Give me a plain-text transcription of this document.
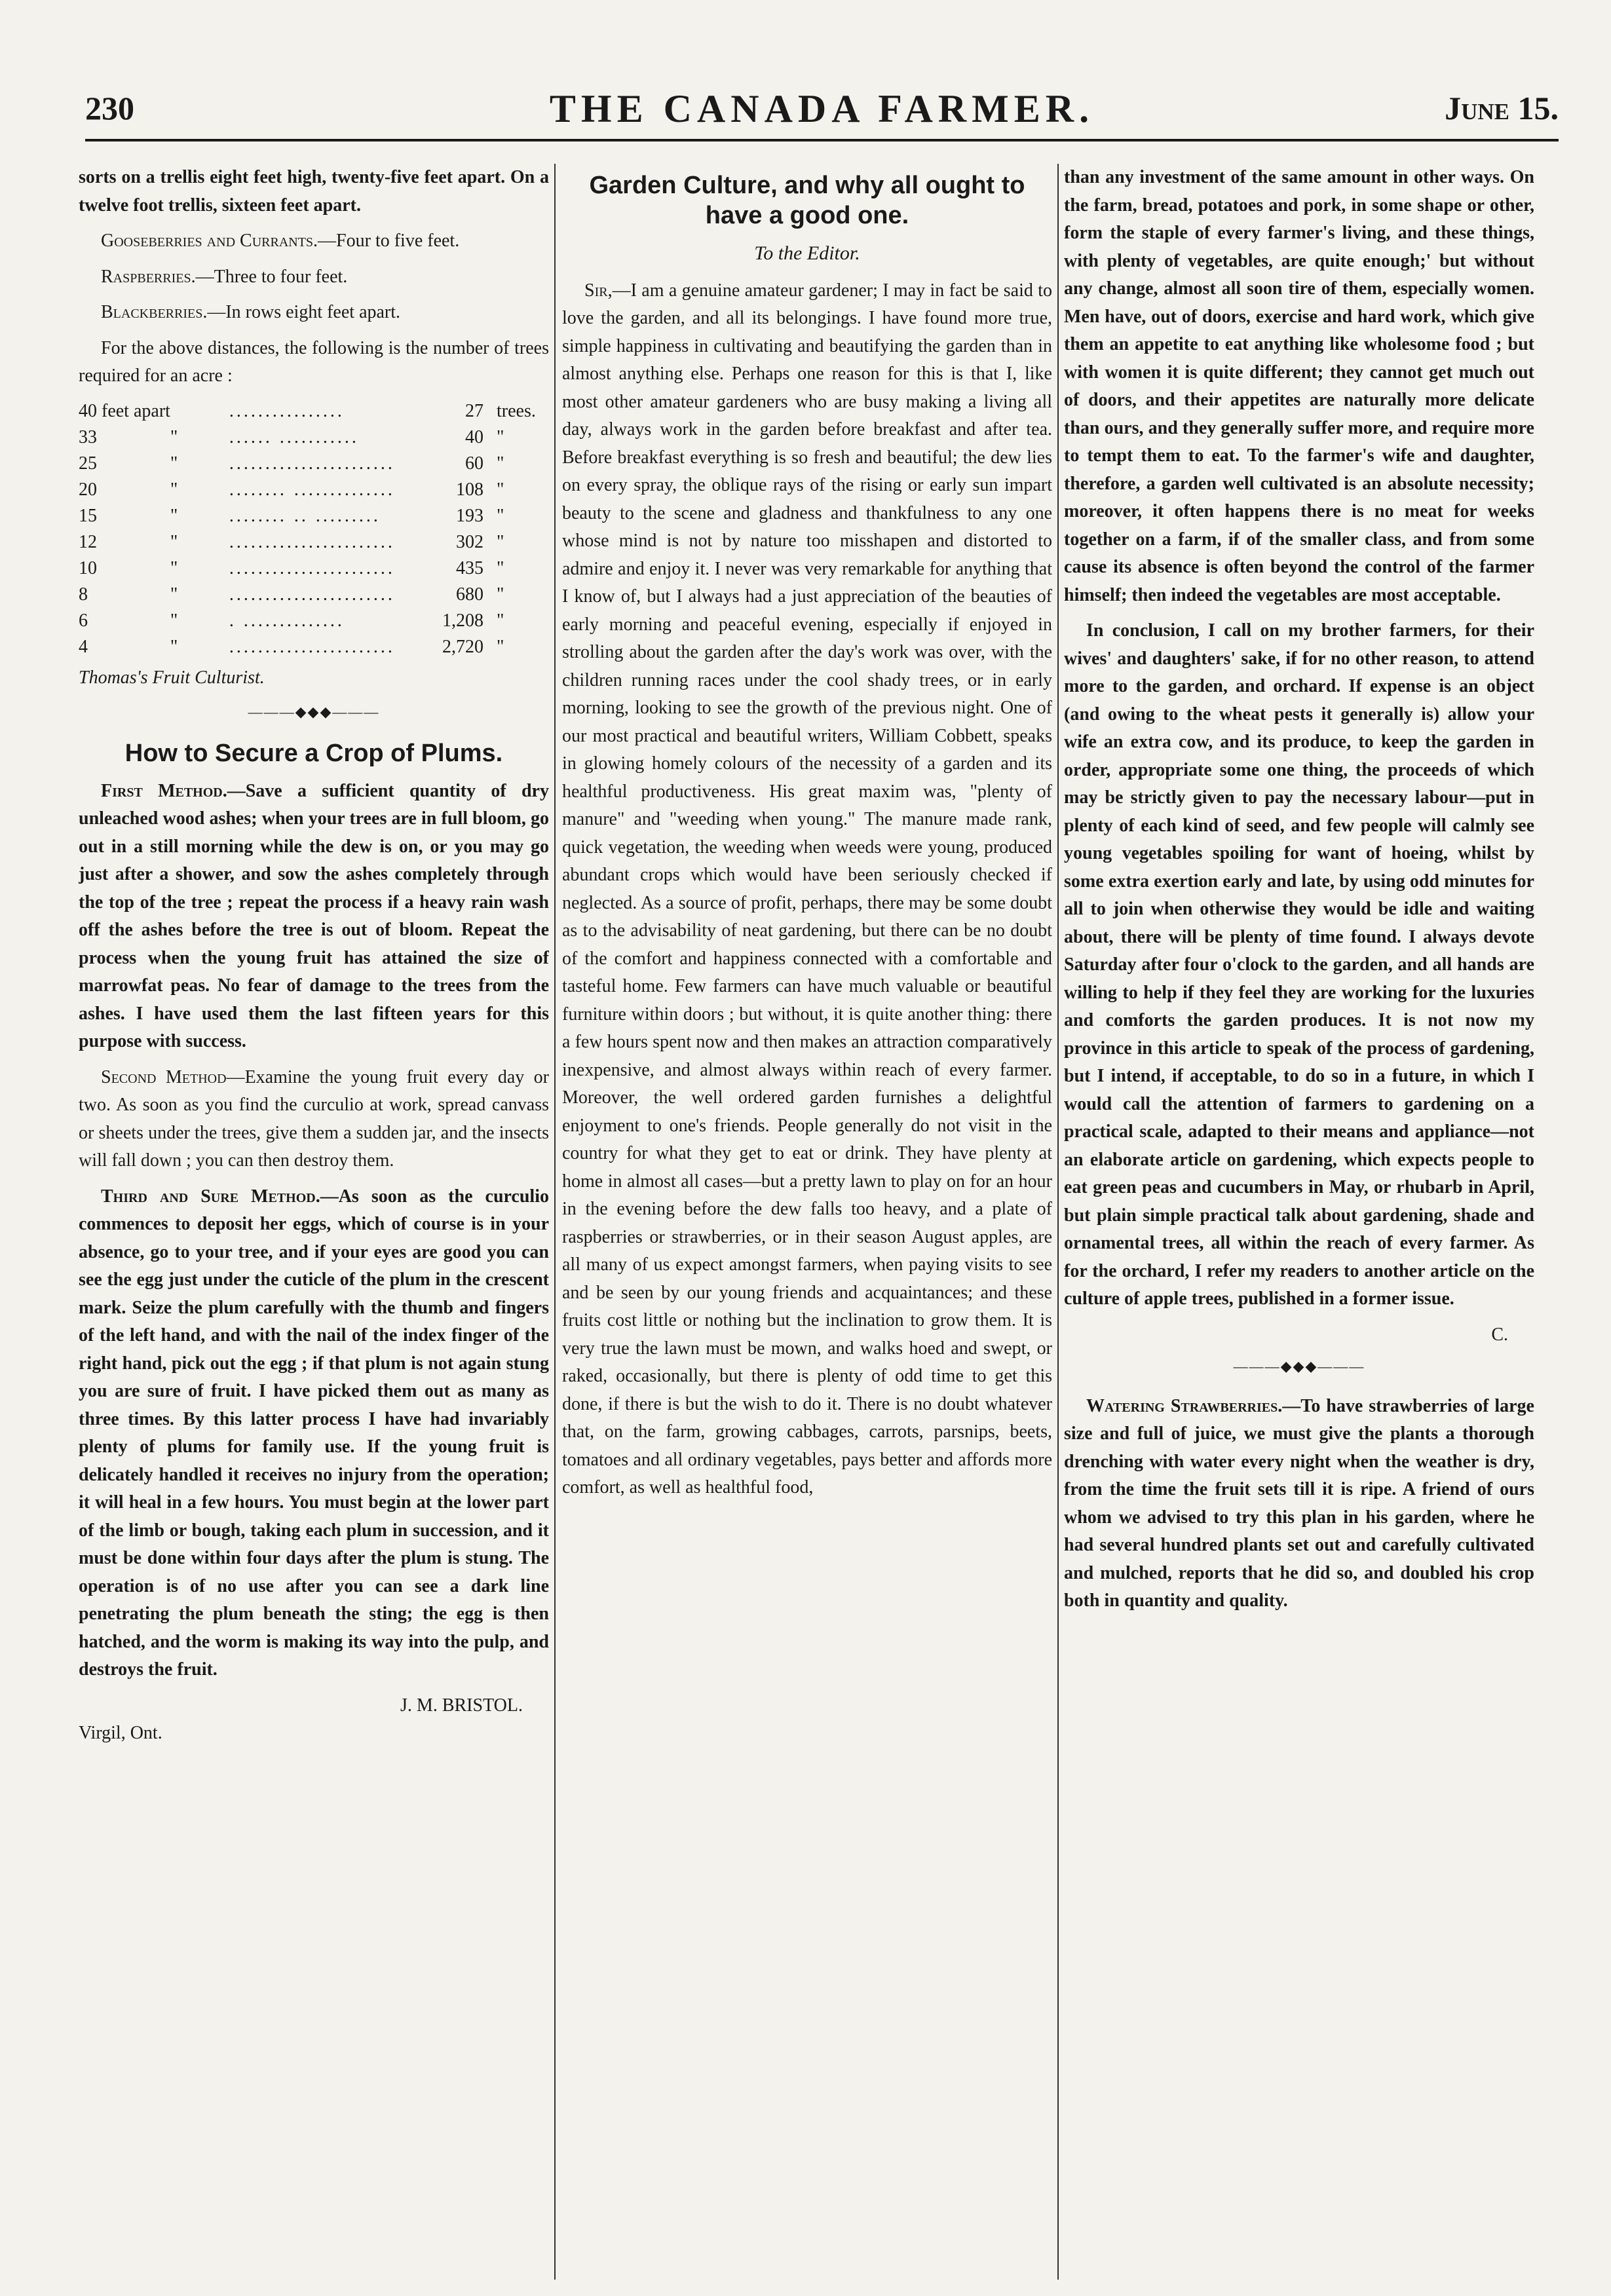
230	THE CANADA FARMER.	June 15.

sorts on a trellis eight feet high, twenty-five feet apart. On a twelve foot trellis, sixteen feet apart.

Gooseberries and Currants.—Four to five feet.

Raspberries.—Three to four feet.

Blackberries.—In rows eight feet apart.

For the above distances, the following is the number of trees required for an acre :

40 feet apart		................	27	trees.
33	"	...... ...........	40	"
25	"	.......................	60	"
20	"	........ ..............	108	"
15	"	........ .. .........	193	"
12	"	.......................	302	"
10	"	.......................	435	"
8	"	.......................	680	"
6	"	. ..............	1,208	"
4	"	.......................	2,720	"

Thomas's Fruit Culturist.

———◆◆◆———
How to Secure a Crop of Plums.

First Method.—Save a sufficient quantity of dry unleached wood ashes; when your trees are in full bloom, go out in a still morning while the dew is on, or you may go just after a shower, and sow the ashes completely through the top of the tree ; repeat the process if a heavy rain wash off the ashes before the tree is out of bloom. Repeat the process when the young fruit has attained the size of marrowfat peas. No fear of damage to the trees from the ashes. I have used them the last fifteen years for this purpose with success.

Second Method—Examine the young fruit every day or two. As soon as you find the curculio at work, spread canvass or sheets under the trees, give them a sudden jar, and the insects will fall down ; you can then destroy them.

Third and Sure Method.—As soon as the curculio commences to deposit her eggs, which of course is in your absence, go to your tree, and if your eyes are good you can see the egg just under the cuticle of the plum in the crescent mark. Seize the plum carefully with the thumb and fingers of the left hand, and with the nail of the index finger of the right hand, pick out the egg ; if that plum is not again stung you are sure of fruit. I have picked them out as many as three times. By this latter process I have had invariably plenty of plums for family use. If the young fruit is delicately handled it receives no injury from the operation; it will heal in a few hours. You must begin at the lower part of the limb or bough, taking each plum in succession, and it must be done within four days after the plum is stung. The operation is of no use after you can see a dark line penetrating the plum beneath the sting; the egg is then hatched, and the worm is making its way into the pulp, and destroys the fruit.

J. M. BRISTOL.
Virgil, Ont.
Garden Culture, and why all ought to have a good one.
To the Editor.

Sir,—I am a genuine amateur gardener; I may in fact be said to love the garden, and all its belongings. I have found more true, simple happiness in cultivating and beautifying the garden than in almost anything else. Perhaps one reason for this is that I, like most other amateur gardeners who are busy making a living all day, always work in the garden before breakfast and after tea. Before breakfast everything is so fresh and beautiful; the dew lies on every spray, the oblique rays of the rising or early sun impart beauty to the scene and gladness and thankfulness to any one whose mind is not by nature too misshapen and distorted to admire and enjoy it. I never was very remarkable for anything that I know of, but I always had a just appreciation of the beauties of early morning and peaceful evening, especially if enjoyed in strolling about the garden after the day's work was over, with the children running races under the cool shady trees, or in early morning, looking to see the growth of the previous night. One of our most practical and beautiful writers, William Cobbett, speaks in glowing homely colours of the necessity of a garden and its healthful productiveness. His great maxim was, "plenty of manure" and "weeding when young." The manure made rank, quick vegetation, the weeding when weeds were young, produced abundant crops which would have been seriously checked if neglected. As a source of profit, perhaps, there may be some doubt as to the advisability of neat gardening, but there can be no doubt of the comfort and happiness connected with a comfortable and tasteful home. Few farmers can have much valuable or beautiful furniture within doors ; but without, it is quite another thing: there a few hours spent now and then makes an attraction comparatively inexpensive, and almost always within reach of every farmer. Moreover, the well ordered garden furnishes a delightful enjoyment to one's friends. People generally do not visit in the country for what they get to eat or drink. They have plenty at home in almost all cases—but a pretty lawn to play on for an hour in the evening before the dew falls too heavy, and a plate of raspberries or strawberries, or in their season August apples, are all many of us expect amongst farmers, when paying visits to see and be seen by our young friends and acquaintances; and these fruits cost little or nothing but the inclination to grow them. It is very true the lawn must be mown, and walks hoed and swept, or raked, occasionally, but there is plenty of odd time to get this done, if there is but the wish to do it. There is no doubt whatever that, on the farm, growing cabbages, carrots, parsnips, beets, tomatoes and all ordinary vegetables, pays better and affords more comfort, as well as healthful food,

than any investment of the same amount in other ways. On the farm, bread, potatoes and pork, in some shape or other, form the staple of every farmer's living, and these things, with plenty of vegetables, are quite enough;' but without any change, almost all soon tire of them, especially women. Men have, out of doors, exercise and hard work, which give them an appetite to eat anything like wholesome food ; but with women it is quite different; they cannot get much out of doors, and their appetites are naturally more delicate than ours, and they generally suffer more, and require more to tempt them to eat. To the farmer's wife and daughter, therefore, a garden well cultivated is an absolute necessity; moreover, it often happens there is no meat for weeks together on a farm, if of the smaller class, and from some cause its absence is often beyond the control of the farmer himself; then indeed the vegetables are most acceptable.

In conclusion, I call on my brother farmers, for their wives' and daughters' sake, if for no other reason, to attend more to the garden, and orchard. If expense is an object (and owing to the wheat pests it generally is) allow your wife an extra cow, and its produce, to keep the garden in order, appropriate some one thing, the proceeds of which may be strictly given to pay the necessary labour—put in plenty of each kind of seed, and few people will calmly see young vegetables spoiling for want of hoeing, whilst by some extra exertion early and late, by using odd minutes for all to join when otherwise they would be idle and waiting about, there will be plenty of time found. I always devote Saturday after four o'clock to the garden, and all hands are willing to help if they feel they are working for the luxuries and comforts the garden produces. It is not now my province in this article to speak of the process of gardening, but I intend, if acceptable, to do so in a future, in which I would call the attention of farmers to gardening on a practical scale, adapted to their means and appliance—not an elaborate article on gardening, which expects people to eat green peas and cucumbers in May, or rhubarb in April, but plain simple practical talk about gardening, shade and ornamental trees, all within the reach of every farmer. As for the orchard, I refer my readers to another article on the culture of apple trees, published in a former issue.

C.
———◆◆◆———

Watering Strawberries.—To have strawberries of large size and full of juice, we must give the plants a thorough drenching with water every night when the weather is dry, from the time the fruit sets till it is ripe. A friend of ours whom we advised to try this plan in his garden, where he had several hundred plants set out and carefully cultivated and mulched, reports that he did so, and doubled his crop both in quantity and quality.
